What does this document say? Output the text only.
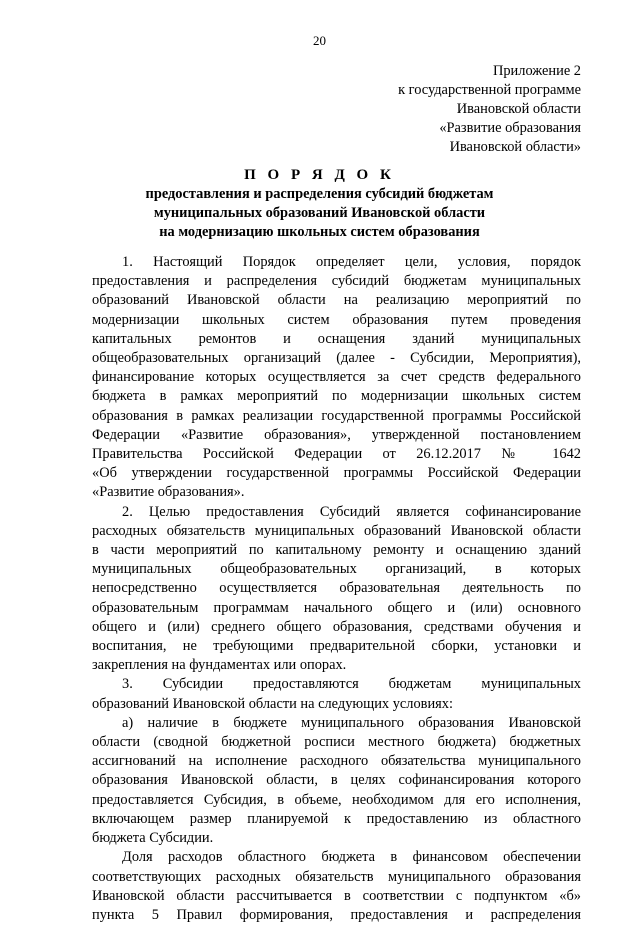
20
Приложение 2
к государственной программе
Ивановской области
«Развитие образования
Ивановской области»
П О Р Я Д О К
предоставления и распределения субсидий бюджетам
муниципальных образований Ивановской области
на модернизацию школьных систем образования
1. Настоящий Порядок определяет цели, условия, порядок
предоставления и распределения субсидий бюджетам муниципальных
образований Ивановской области на реализацию мероприятий по
модернизации школьных систем образования путем проведения
капитальных ремонтов и оснащения зданий муниципальных
общеобразовательных организаций (далее - Субсидии, Мероприятия),
финансирование которых осуществляется за счет средств федерального
бюджета в рамках мероприятий по модернизации школьных систем
образования в рамках реализации государственной программы Российской
Федерации «Развитие образования», утвержденной постановлением
Правительства Российской Федерации от 26.12.2017 № 1642
«Об утверждении государственной программы Российской Федерации
«Развитие образования».
2. Целью предоставления Субсидий является софинансирование
расходных обязательств муниципальных образований Ивановской области
в части мероприятий по капитальному ремонту и оснащению зданий
муниципальных общеобразовательных организаций, в которых
непосредственно осуществляется образовательная деятельность по
образовательным программам начального общего и (или) основного
общего и (или) среднего общего образования, средствами обучения и
воспитания, не требующими предварительной сборки, установки и
закрепления на фундаментах или опорах.
3. Субсидии предоставляются бюджетам муниципальных
образований Ивановской области на следующих условиях:
а) наличие в бюджете муниципального образования Ивановской
области (сводной бюджетной росписи местного бюджета) бюджетных
ассигнований на исполнение расходного обязательства муниципального
образования Ивановской области, в целях софинансирования которого
предоставляется Субсидия, в объеме, необходимом для его исполнения,
включающем размер планируемой к предоставлению из областного
бюджета Субсидии.
Доля расходов областного бюджета в финансовом обеспечении
соответствующих расходных обязательств муниципального образования
Ивановской области рассчитывается в соответствии с подпунктом «б»
пункта 5 Правил формирования, предоставления и распределения
